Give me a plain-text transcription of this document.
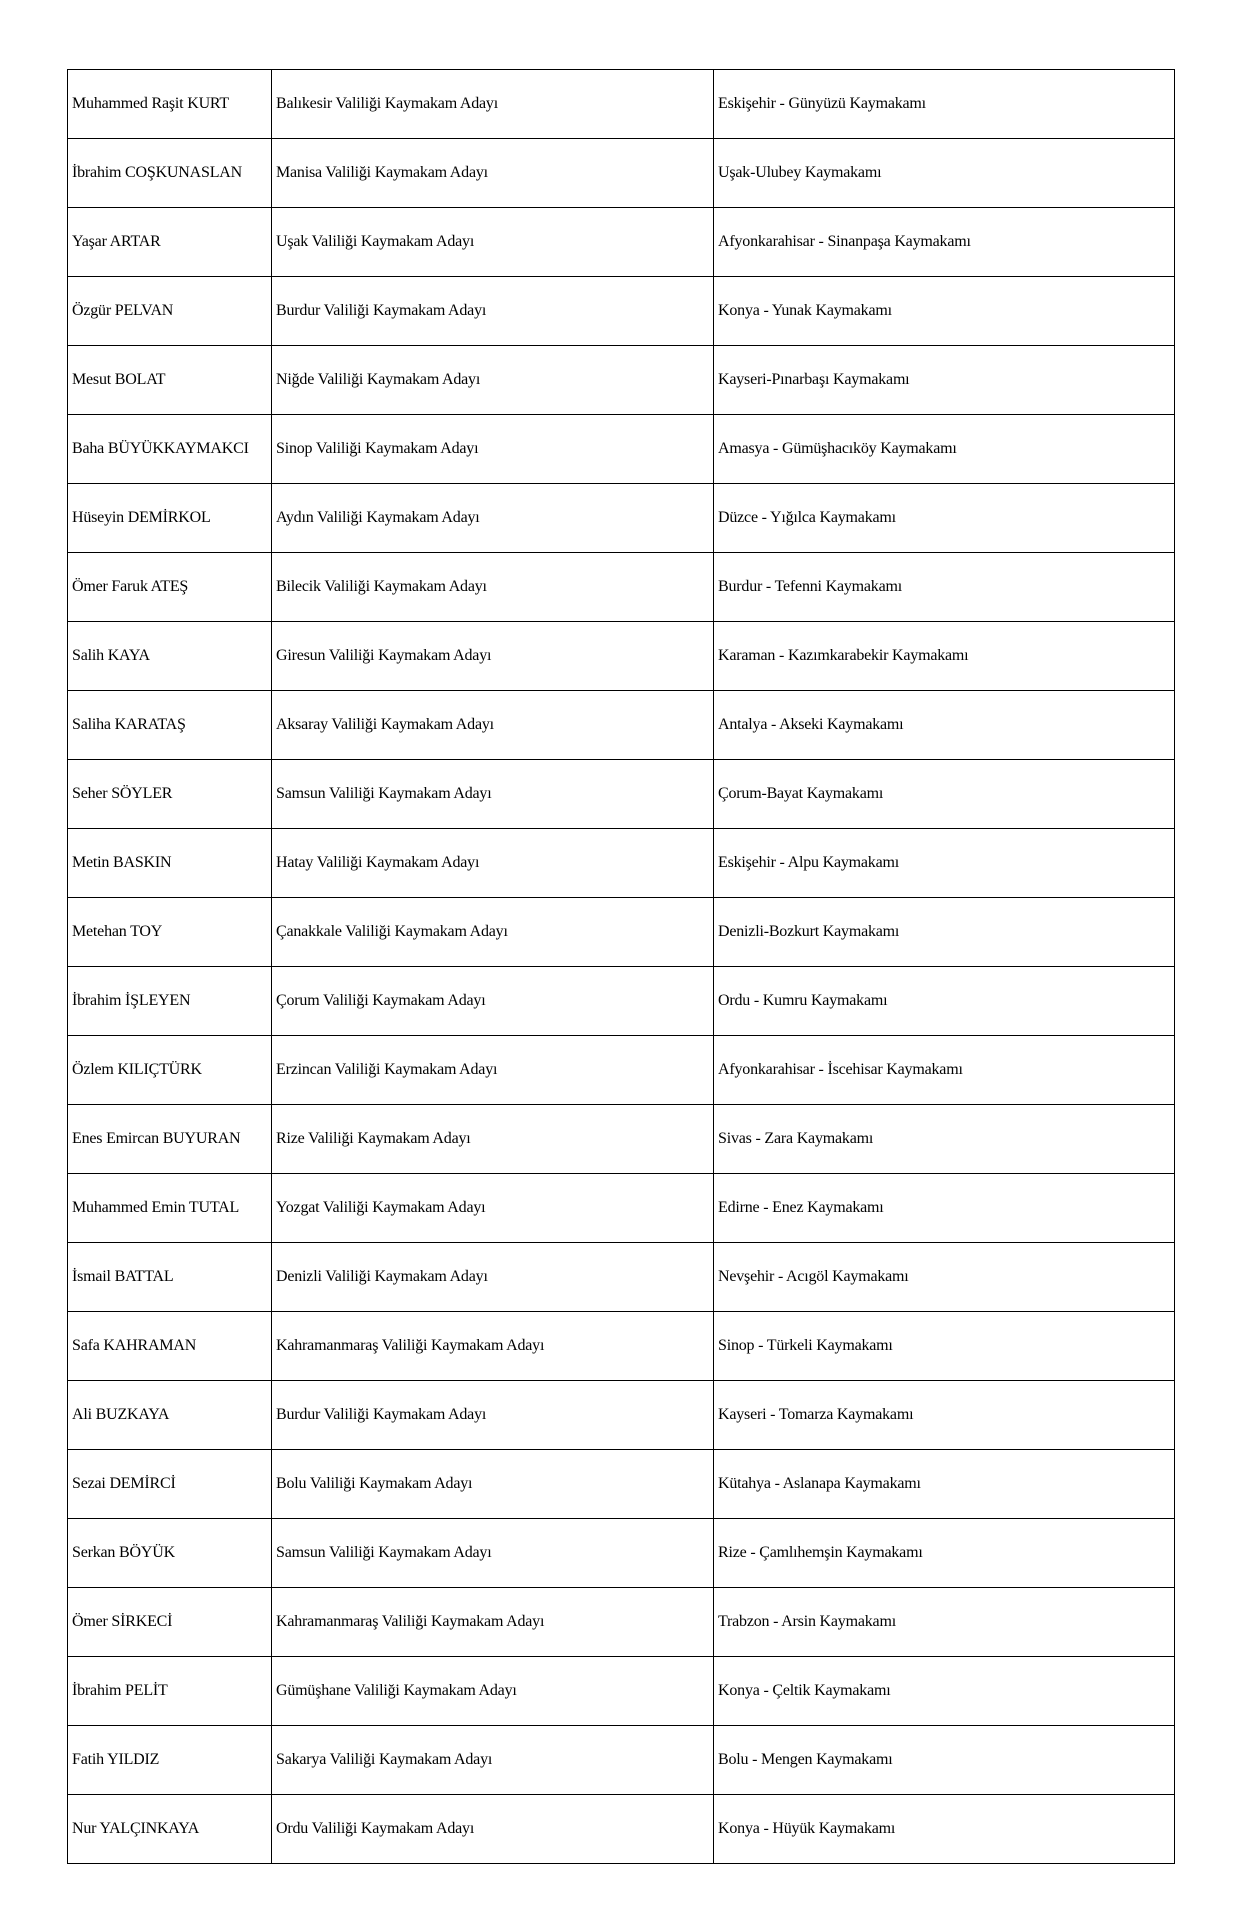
Muhammed Raşit KURT	Balıkesir Valiliği Kaymakam Adayı	Eskişehir - Günyüzü Kaymakamı
İbrahim COŞKUNASLAN	Manisa Valiliği Kaymakam Adayı	Uşak-Ulubey Kaymakamı
Yaşar ARTAR	Uşak Valiliği Kaymakam Adayı	Afyonkarahisar - Sinanpaşa Kaymakamı
Özgür PELVAN	Burdur Valiliği Kaymakam Adayı	Konya - Yunak Kaymakamı
Mesut BOLAT	Niğde Valiliği Kaymakam Adayı	Kayseri-Pınarbaşı Kaymakamı
Baha BÜYÜKKAYMAKCI	Sinop Valiliği Kaymakam Adayı	Amasya - Gümüşhacıköy Kaymakamı
Hüseyin DEMİRKOL	Aydın Valiliği Kaymakam Adayı	Düzce - Yığılca Kaymakamı
Ömer Faruk ATEŞ	Bilecik Valiliği Kaymakam Adayı	Burdur - Tefenni Kaymakamı
Salih KAYA	Giresun Valiliği Kaymakam Adayı	Karaman - Kazımkarabekir Kaymakamı
Saliha KARATAŞ	Aksaray Valiliği Kaymakam Adayı	Antalya - Akseki Kaymakamı
Seher SÖYLER	Samsun Valiliği Kaymakam Adayı	Çorum-Bayat Kaymakamı
Metin BASKIN	Hatay Valiliği Kaymakam Adayı	Eskişehir - Alpu Kaymakamı
Metehan TOY	Çanakkale Valiliği Kaymakam Adayı	Denizli-Bozkurt Kaymakamı
İbrahim İŞLEYEN	Çorum Valiliği Kaymakam Adayı	Ordu - Kumru Kaymakamı
Özlem KILIÇTÜRK	Erzincan Valiliği Kaymakam Adayı	Afyonkarahisar - İscehisar Kaymakamı
Enes Emircan BUYURAN	Rize Valiliği Kaymakam Adayı	Sivas - Zara Kaymakamı
Muhammed Emin TUTAL	Yozgat Valiliği Kaymakam Adayı	Edirne - Enez Kaymakamı
İsmail BATTAL	Denizli Valiliği Kaymakam Adayı	Nevşehir - Acıgöl Kaymakamı
Safa KAHRAMAN	Kahramanmaraş Valiliği Kaymakam Adayı	Sinop - Türkeli Kaymakamı
Ali BUZKAYA	Burdur Valiliği Kaymakam Adayı	Kayseri - Tomarza Kaymakamı
Sezai DEMİRCİ	Bolu Valiliği Kaymakam Adayı	Kütahya - Aslanapa Kaymakamı
Serkan BÖYÜK	Samsun Valiliği Kaymakam Adayı	Rize - Çamlıhemşin Kaymakamı
Ömer SİRKECİ	Kahramanmaraş Valiliği Kaymakam Adayı	Trabzon - Arsin Kaymakamı
İbrahim PELİT	Gümüşhane Valiliği Kaymakam Adayı	Konya - Çeltik Kaymakamı
Fatih YILDIZ	Sakarya Valiliği Kaymakam Adayı	Bolu - Mengen Kaymakamı
Nur YALÇINKAYA	Ordu Valiliği Kaymakam Adayı	Konya - Hüyük Kaymakamı
